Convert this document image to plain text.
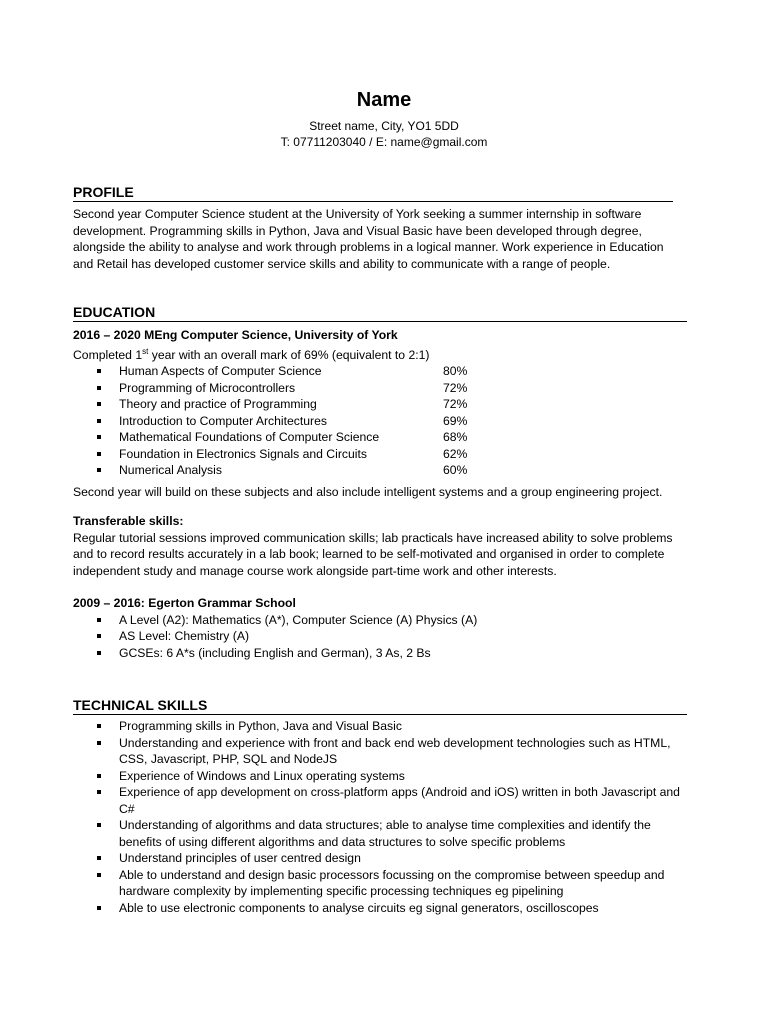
Name
Street name, City, YO1 5DD
T: 07711203040 / E: name@gmail.com
PROFILE

Second year Computer Science student at the University of York seeking a summer internship in software development. Programming skills in Python, Java and Visual Basic have been developed through degree, alongside the ability to analyse and work through problems in a logical manner. Work experience in Education and Retail has developed customer service skills and ability to communicate with a range of people.

EDUCATION

2016 – 2020 MEng Computer Science, University of York

Completed 1st year with an overall mark of 69% (equivalent to 2:1)

Human Aspects of Computer Science	80%
Programming of Microcontrollers	72%
Theory and practice of Programming	72%
Introduction to Computer Architectures	69%
Mathematical Foundations of Computer Science	68%
Foundation in Electronics Signals and Circuits	62%
Numerical Analysis	60%

Second year will build on these subjects and also include intelligent systems and a group engineering project.

Transferable skills:

Regular tutorial sessions improved communication skills; lab practicals have increased ability to solve problems and to record results accurately in a lab book; learned to be self-motivated and organised in order to complete independent study and manage course work alongside part-time work and other interests.

2009 – 2016: Egerton Grammar School

A Level (A2): Mathematics (A*), Computer Science (A) Physics (A)
AS Level: Chemistry (A)
GCSEs: 6 A*s (including English and German), 3 As, 2 Bs
TECHNICAL SKILLS
Programming skills in Python, Java and Visual Basic
Understanding and experience with front and back end web development technologies such as HTML, CSS, Javascript, PHP, SQL and NodeJS
Experience of Windows and Linux operating systems
Experience of app development on cross-platform apps (Android and iOS) written in both Javascript and C#
Understanding of algorithms and data structures; able to analyse time complexities and identify the benefits of using different algorithms and data structures to solve specific problems
Understand principles of user centred design
Able to understand and design basic processors focussing on the compromise between speedup and hardware complexity by implementing specific processing techniques eg pipelining
Able to use electronic components to analyse circuits eg signal generators, oscilloscopes
